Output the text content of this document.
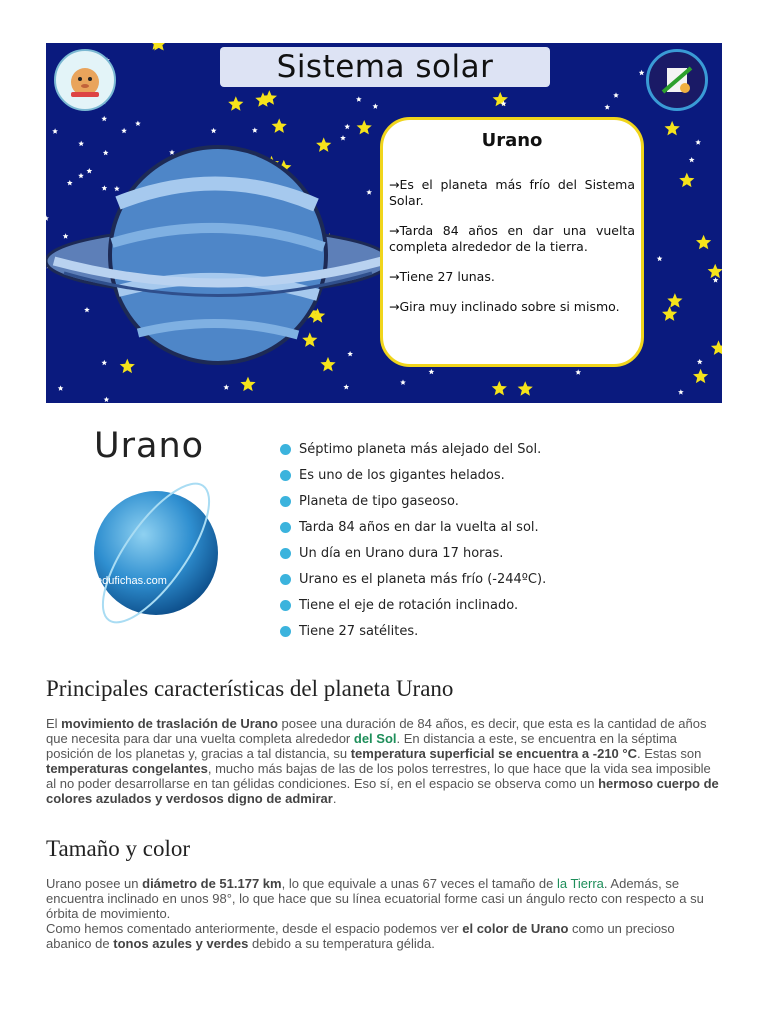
Sistema solar
Urano
→Es el planeta más frío del Sistema Solar.
→Tarda 84 años en dar una vuelta completa alrededor de la tierra.
→Tiene 27 lunas.
→Gira muy inclinado sobre si mismo.
Urano
edufichas.com
Séptimo planeta más alejado del Sol.
Es uno de los gigantes helados.
Planeta de tipo gaseoso.
Tarda 84 años en dar la vuelta al sol.
Un día en Urano dura 17 horas.
Urano es el planeta más frío (-244ºC).
Tiene el eje de rotación inclinado.
Tiene 27 satélites.
Principales características del planeta Urano

El movimiento de traslación de Urano posee una duración de 84 años, es decir, que esta es la cantidad de años que necesita para dar una vuelta completa alrededor del Sol. En distancia a este, se encuentra en la séptima posición de los planetas y, gracias a tal distancia, su temperatura superficial se encuentra a -210 °C. Estas son temperaturas congelantes, mucho más bajas de las de los polos terrestres, lo que hace que la vida sea imposible al no poder desarrollarse en tan gélidas condiciones. Eso sí, en el espacio se observa como un hermoso cuerpo de colores azulados y verdosos digno de admirar.

Tamaño y color

Urano posee un diámetro de 51.177 km, lo que equivale a unas 67 veces el tamaño de la Tierra. Además, se encuentra inclinado en unos 98°, lo que hace que su línea ecuatorial forme casi un ángulo recto con respecto a su órbita de movimiento.

Como hemos comentado anteriormente, desde el espacio podemos ver el color de Urano como un precioso abanico de tonos azules y verdes debido a su temperatura gélida.
